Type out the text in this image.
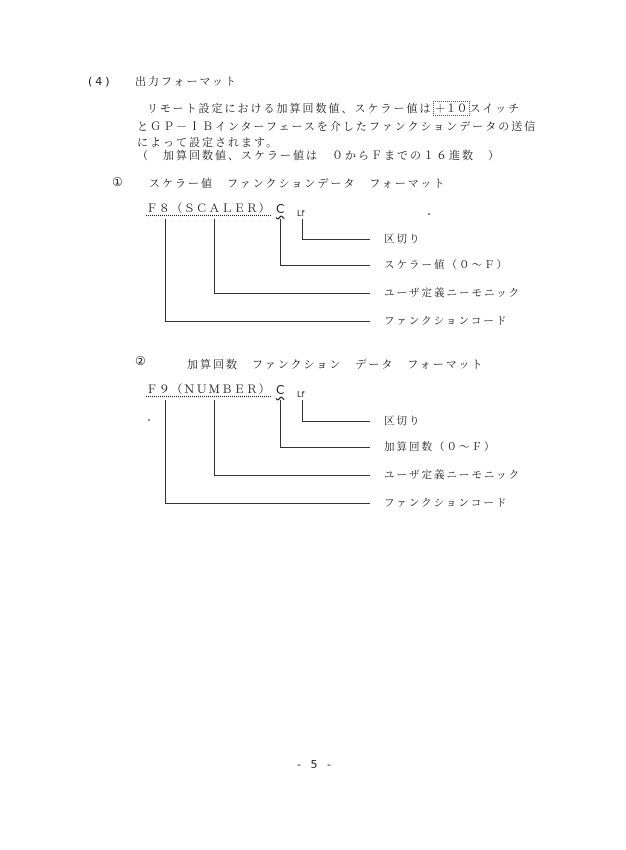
(4) 出力フォーマット
リモート設定における加算回数値、スケラー値は ＋１０ スイッチ
とＧＰ－ＩＢインターフェースを介したファンクションデータの送信
によって設定されます。
（　加算回数値、スケラー値は　０からＦまでの１６進数　）
① スケラー値　ファンクションデータ　フォーマット
Ｆ８（ＳＣＡＬＥＲ） C Lf
区切り
スケラー値（０～Ｆ）
ユーザ定義ニーモニック
ファンクションコード
②	加算回数　ファンクション　データ　フォーマット
Ｆ９（ＮＵＭＢＥＲ） C Lf
区切り
加算回数（０～Ｆ）
ユーザ定義ニーモニック
ファンクションコード
- 5 -
